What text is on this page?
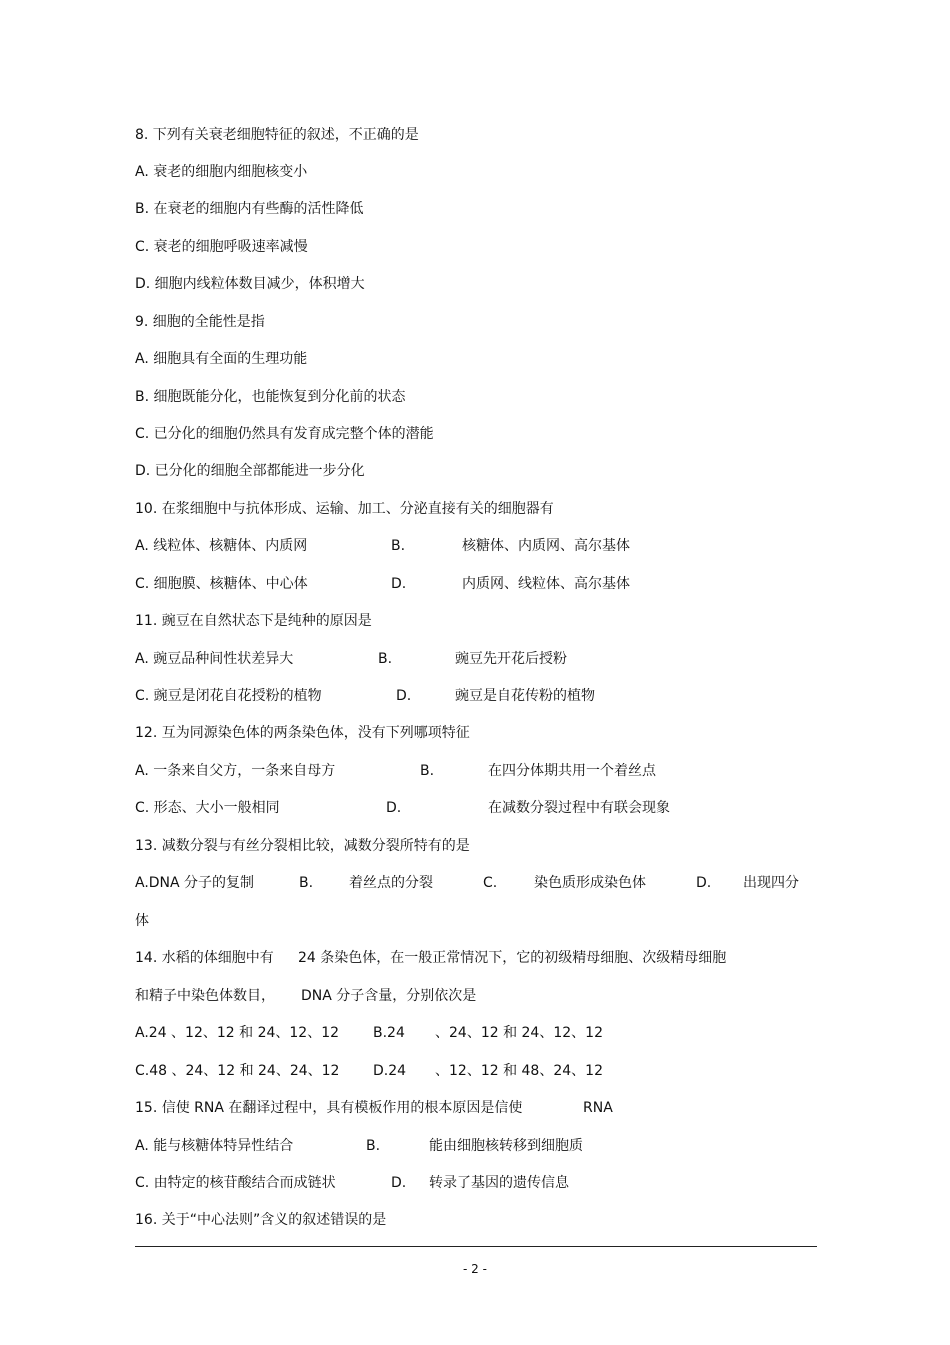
8. 下列有关衰老细胞特征的叙述，不正确的是
A. 衰老的细胞内细胞核变小
B. 在衰老的细胞内有些酶的活性降低
C. 衰老的细胞呼吸速率减慢
D. 细胞内线粒体数目减少，体积增大
9. 细胞的全能性是指
A. 细胞具有全面的生理功能
B. 细胞既能分化，也能恢复到分化前的状态
C. 已分化的细胞仍然具有发育成完整个体的潜能
D. 已分化的细胞全部都能进一步分化
10. 在浆细胞中与抗体形成、运输、加工、分泌直接有关的细胞器有
A. 线粒体、核糖体、内质网	B.	核糖体、内质网、高尔基体
C. 细胞膜、核糖体、中心体	D.	内质网、线粒体、高尔基体
11. 豌豆在自然状态下是纯种的原因是
A. 豌豆品种间性状差异大	B.	豌豆先开花后授粉
C. 豌豆是闭花自花授粉的植物	D.	豌豆是自花传粉的植物
12. 互为同源染色体的两条染色体，没有下列哪项特征
A. 一条来自父方，一条来自母方	B.	在四分体期共用一个着丝点
C. 形态、大小一般相同	D.	在减数分裂过程中有联会现象
13. 减数分裂与有丝分裂相比较，减数分裂所特有的是
A.DNA 分子的复制	B.	着丝点的分裂	C.	染色质形成染色体	D. 出现四分
体
14. 水稻的体细胞中有 24 条染色体，在一般正常情况下，它的初级精母细胞、次级精母细胞
和精子中染色体数目， DNA 分子含量，分别依次是
A.24 、12、12 和 24、12、12 B.24 、24、12 和 24、12、12
C.48 、24、12 和 24、24、12 D.24 、12、12 和 48、24、12
15. 信使 RNA 在翻译过程中，具有模板作用的根本原因是信使	RNA
A. 能与核糖体特异性结合	B.	能由细胞核转移到细胞质
C. 由特定的核苷酸结合而成链状	D. 转录了基因的遗传信息
16. 关于“中心法则”含义的叙述错误的是
- 2 -
